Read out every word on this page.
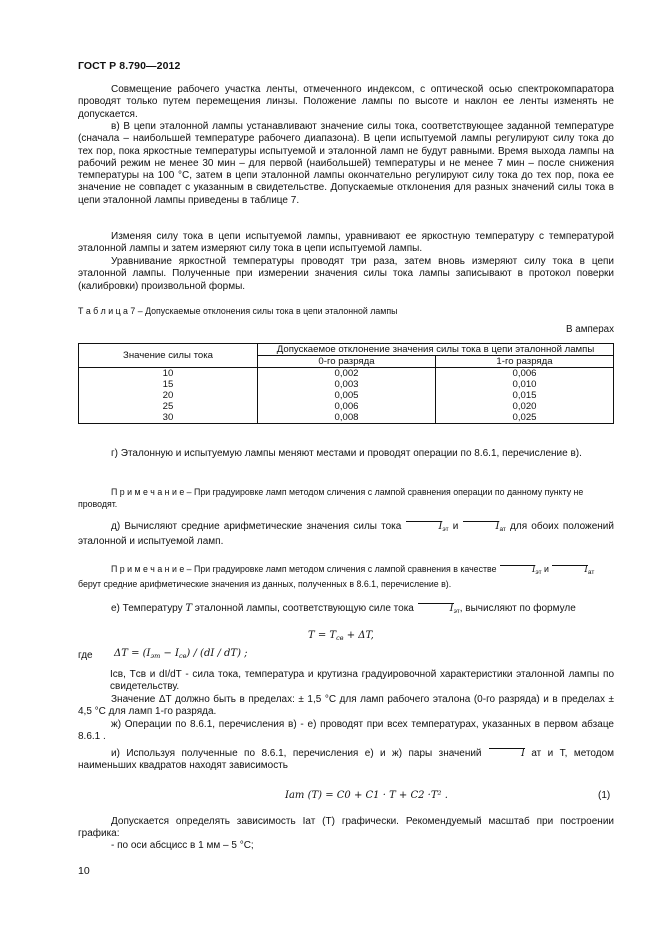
ГОСТ Р 8.790—2012
Совмещение рабочего участка ленты, отмеченного индексом, с оптической осью спектрокомпаратора проводят только путем перемещения линзы. Положение лампы по высоте и наклон ее ленты изменять не допускается.
в) В цепи эталонной лампы устанавливают значение силы тока, соответствующее заданной температуре (сначала – наибольшей температуре рабочего диапазона). В цепи испытуемой лампы регулируют силу тока до тех пор, пока яркостные температуры испытуемой и эталонной ламп не будут равными. Время выхода лампы на рабочий режим не менее 30 мин – для первой (наибольшей) температуры и не менее 7 мин – после снижения температуры на 100 °С, затем в цепи эталонной лампы окончательно регулируют силу тока до тех пор, пока ее значение не совпадет с указанным в свидетельстве. Допускаемые отклонения для разных значений силы тока в цепи эталонной лампы приведены в таблице 7.
Изменяя силу тока в цепи испытуемой лампы, уравнивают ее яркостную температуру с температурой эталонной лампы и затем измеряют силу тока в цепи испытуемой лампы.
Уравнивание яркостной температуры проводят три раза, затем вновь измеряют силу тока в цепи эталонной лампы. Полученные при измерении значения силы тока лампы записывают в протокол поверки (калибровки) произвольной формы.
Т а б л и ц а 7 – Допускаемые отклонения силы тока в цепи эталонной лампы
В амперах
Значение силы тока	Допускаемое отклонение значения силы тока в цепи эталонной лампы	
	0-го разряда	1-го разряда
10	0,002	0,006
15	0,003	0,010
20	0,005	0,015
25	0,006	0,020
30	0,008	0,025
г) Эталонную и испытуемую лампы меняют местами и проводят операции по 8.6.1, перечисление в).
П р и м е ч а н и е – При градуировке ламп методом сличения с лампой сравнения операции по данному пункту не проводят.
д) Вычисляют средние арифметические значения силы тока	$I_{эт}$ и	$I_{ат}$ для обоих положений эталонной и испытуемой ламп.
П р и м е ч а н и е – При градуировке ламп методом сличения с лампой сравнения в качестве	$I_{эт}$ и	$I_{ат}$ берут средние арифметические значения из данных, полученных в 8.6.1, перечисление в).
е) Температуру T эталонной лампы, соответствующую силе тока	$I_{эт}$, вычисляют по формуле
$T = T_{св} + \Delta T$,
где $\Delta T = (I_{эт} - I_{св}) / (dI / dT)$ ;
Iсв, Tсв и dI/dT - сила тока, температура и крутизна градуировочной характеристики эталонной лампы по свидетельству.
Значение ΔT должно быть в пределах: ± 1,5 °С для ламп рабочего эталона (0-го разряда) и в пределах ± 4,5 °С для ламп 1-го разряда.
ж) Операции по 8.6.1, перечисления в) - е) проводят при всех температурах, указанных в первом абзаце 8.6.1 .
и) Используя полученные по 8.6.1, перечисления е) и ж) пары значений	I ат и T, методом наименьших квадратов находят зависимость
Iат (T) = C0 + C1 · T + C2 ·T² .	(1)
Допускается определять зависимость Iат (T) графически. Рекомендуемый масштаб при построении графика:
- по оси абсцисс в 1 мм – 5 °С;
10
